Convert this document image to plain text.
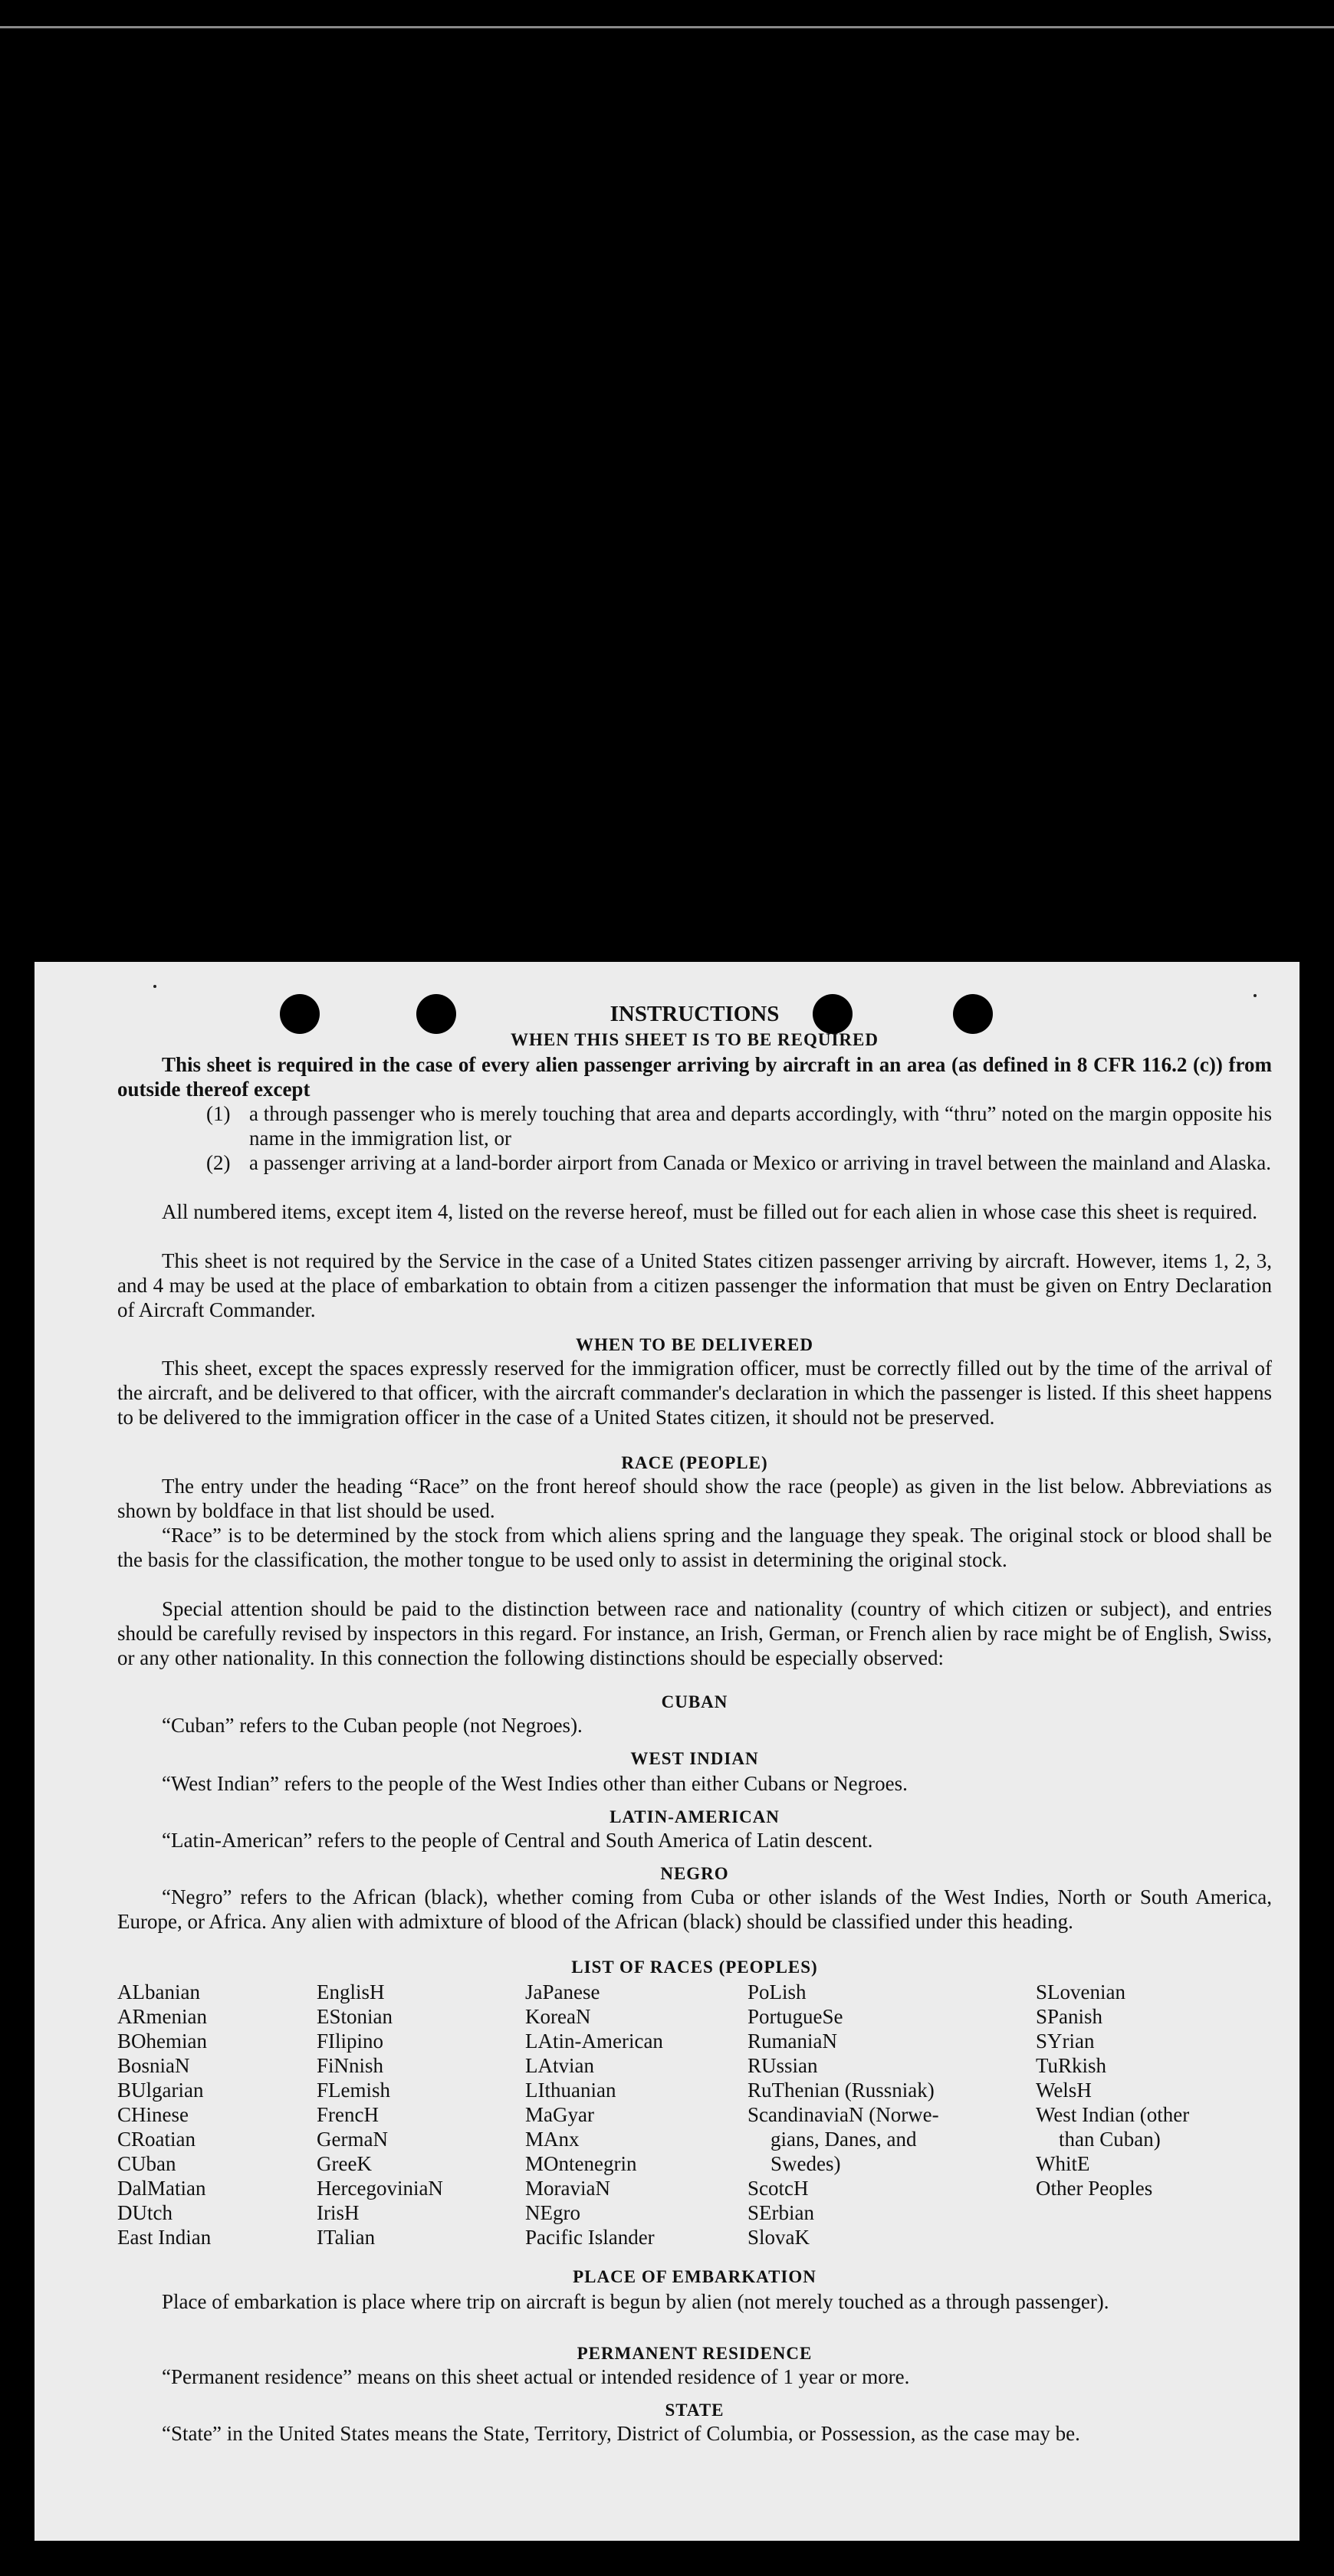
INSTRUCTIONS
WHEN THIS SHEET IS TO BE REQUIRED
This sheet is required in the case of every alien passenger arriving by aircraft in an area (as defined in 8 CFR 116.2 (c)) from outside thereof except
(1) a through passenger who is merely touching that area and departs accordingly, with “thru” noted on the margin opposite his name in the immigration list, or
(2) a passenger arriving at a land-border airport from Canada or Mexico or arriving in travel between the mainland and Alaska.
All numbered items, except item 4, listed on the reverse hereof, must be filled out for each alien in whose case this sheet is required.
This sheet is not required by the Service in the case of a United States citizen passenger arriving by aircraft. However, items 1, 2, 3, and 4 may be used at the place of embarkation to obtain from a citizen passenger the information that must be given on Entry Declaration of Aircraft Commander.
WHEN TO BE DELIVERED
This sheet, except the spaces expressly reserved for the immigration officer, must be correctly filled out by the time of the arrival of the aircraft, and be delivered to that officer, with the aircraft commander's declaration in which the passenger is listed. If this sheet happens to be delivered to the immigration officer in the case of a United States citizen, it should not be preserved.
RACE (PEOPLE)
The entry under the heading “Race” on the front hereof should show the race (people) as given in the list below. Abbreviations as shown by boldface in that list should be used.
“Race” is to be determined by the stock from which aliens spring and the language they speak. The original stock or blood shall be the basis for the classification, the mother tongue to be used only to assist in determining the original stock.
Special attention should be paid to the distinction between race and nationality (country of which citizen or subject), and entries should be carefully revised by inspectors in this regard. For instance, an Irish, German, or French alien by race might be of English, Swiss, or any other nationality. In this connection the following distinctions should be especially observed:
CUBAN
“Cuban” refers to the Cuban people (not Negroes).
WEST INDIAN
“West Indian” refers to the people of the West Indies other than either Cubans or Negroes.
LATIN-AMERICAN
“Latin-American” refers to the people of Central and South America of Latin descent.
NEGRO
“Negro” refers to the African (black), whether coming from Cuba or other islands of the West Indies, North or South America, Europe, or Africa. Any alien with admixture of blood of the African (black) should be classified under this heading.
LIST OF RACES (PEOPLES)
ALbanian
ARmenian
BOhemian
BosniaN
BUlgarian
CHinese
CRoatian
CUban
DalMatian
DUtch
East Indian
EnglisH
EStonian
FIlipino
FiNnish
FLemish
FrencH
GermaN
GreeK
HercegoviniaN
IrisH
ITalian
JaPanese
KoreaN
LAtin-American
LAtvian
LIthuanian
MaGyar
MAnx
MOntenegrin
MoraviaN
NEgro
Pacific Islander
PoLish
PortugueSe
RumaniaN
RUssian
RuThenian (Russniak)
ScandinaviaN (Norwe-
gians, Danes, and
Swedes)
ScotcH
SErbian
SlovaK
SLovenian
SPanish
SYrian
TuRkish
WelsH
West Indian (other
than Cuban)
WhitE
Other Peoples
PLACE OF EMBARKATION
Place of embarkation is place where trip on aircraft is begun by alien (not merely touched as a through passenger).
PERMANENT RESIDENCE
“Permanent residence” means on this sheet actual or intended residence of 1 year or more.
STATE
“State” in the United States means the State, Territory, District of Columbia, or Possession, as the case may be.
